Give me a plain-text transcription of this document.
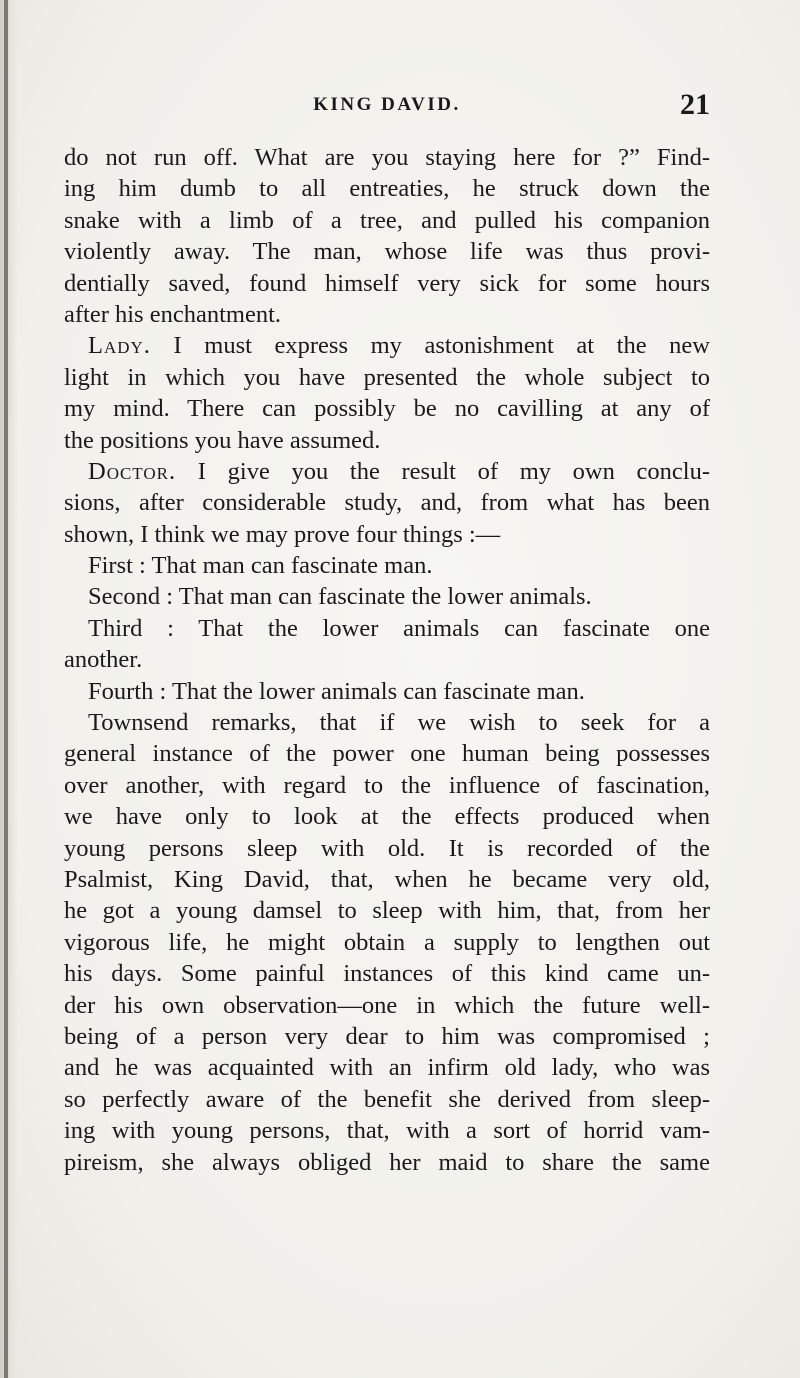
KING DAVID.	21
do not run off. What are you staying here for ?” Find-
ing him dumb to all entreaties, he struck down the
snake with a limb of a tree, and pulled his companion
violently away. The man, whose life was thus provi-
dentially saved, found himself very sick for some hours
after his enchantment.
Lady. I must express my astonishment at the new
light in which you have presented the whole subject to
my mind. There can possibly be no cavilling at any of
the positions you have assumed.
Doctor. I give you the result of my own conclu-
sions, after considerable study, and, from what has been
shown, I think we may prove four things :—
First : That man can fascinate man.
Second : That man can fascinate the lower animals.
Third : That the lower animals can fascinate one
another.
Fourth : That the lower animals can fascinate man.
Townsend remarks, that if we wish to seek for a
general instance of the power one human being possesses
over another, with regard to the influence of fascination,
we have only to look at the effects produced when
young persons sleep with old. It is recorded of the
Psalmist, King David, that, when he became very old,
he got a young damsel to sleep with him, that, from her
vigorous life, he might obtain a supply to lengthen out
his days. Some painful instances of this kind came un-
der his own observation—one in which the future well-
being of a person very dear to him was compromised ;
and he was acquainted with an infirm old lady, who was
so perfectly aware of the benefit she derived from sleep-
ing with young persons, that, with a sort of horrid vam-
pireism, she always obliged her maid to share the same
